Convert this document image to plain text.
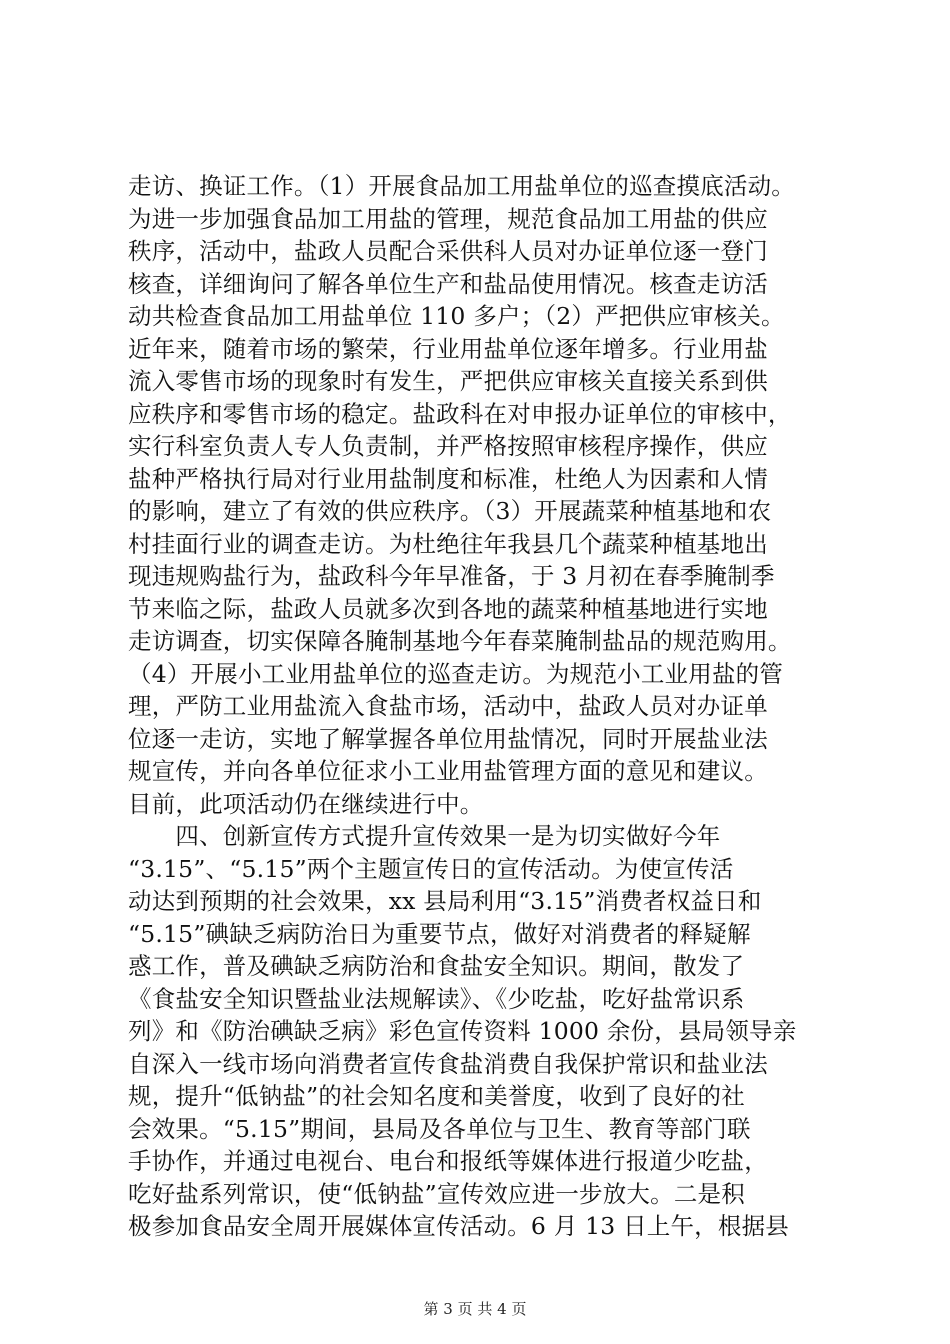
走访、换证工作。（1）开展食品加工用盐单位的巡查摸底活动。
为进一步加强食品加工用盐的管理，规范食品加工用盐的供应
秩序，活动中，盐政人员配合采供科人员对办证单位逐一登门
核查，详细询问了解各单位生产和盐品使用情况。核查走访活
动共检查食品加工用盐单位 110 多户；（2）严把供应审核关。
近年来，随着市场的繁荣，行业用盐单位逐年增多。行业用盐
流入零售市场的现象时有发生，严把供应审核关直接关系到供
应秩序和零售市场的稳定。盐政科在对申报办证单位的审核中，
实行科室负责人专人负责制，并严格按照审核程序操作，供应
盐种严格执行局对行业用盐制度和标准，杜绝人为因素和人情
的影响，建立了有效的供应秩序。（3）开展蔬菜种植基地和农
村挂面行业的调查走访。为杜绝往年我县几个蔬菜种植基地出
现违规购盐行为，盐政科今年早准备，于 3 月初在春季腌制季
节来临之际，盐政人员就多次到各地的蔬菜种植基地进行实地
走访调查，切实保障各腌制基地今年春菜腌制盐品的规范购用。
（4）开展小工业用盐单位的巡查走访。为规范小工业用盐的管
理，严防工业用盐流入食盐市场，活动中，盐政人员对办证单
位逐一走访，实地了解掌握各单位用盐情况，同时开展盐业法
规宣传，并向各单位征求小工业用盐管理方面的意见和建议。
目前，此项活动仍在继续进行中。
　　四、创新宣传方式提升宣传效果一是为切实做好今年
“3.15”、“5.15”两个主题宣传日的宣传活动。为使宣传活
动达到预期的社会效果，xx 县局利用“3.15”消费者权益日和
“5.15”碘缺乏病防治日为重要节点，做好对消费者的释疑解
惑工作，普及碘缺乏病防治和食盐安全知识。期间，散发了
《食盐安全知识暨盐业法规解读》、《少吃盐，吃好盐常识系
列》和《防治碘缺乏病》彩色宣传资料 1000 余份，县局领导亲
自深入一线市场向消费者宣传食盐消费自我保护常识和盐业法
规，提升“低钠盐”的社会知名度和美誉度，收到了良好的社
会效果。“5.15”期间，县局及各单位与卫生、教育等部门联
手协作，并通过电视台、电台和报纸等媒体进行报道少吃盐，
吃好盐系列常识，使“低钠盐”宣传效应进一步放大。二是积
极参加食品安全周开展媒体宣传活动。6 月 13 日上午，根据县
第 3 页 共 4 页
